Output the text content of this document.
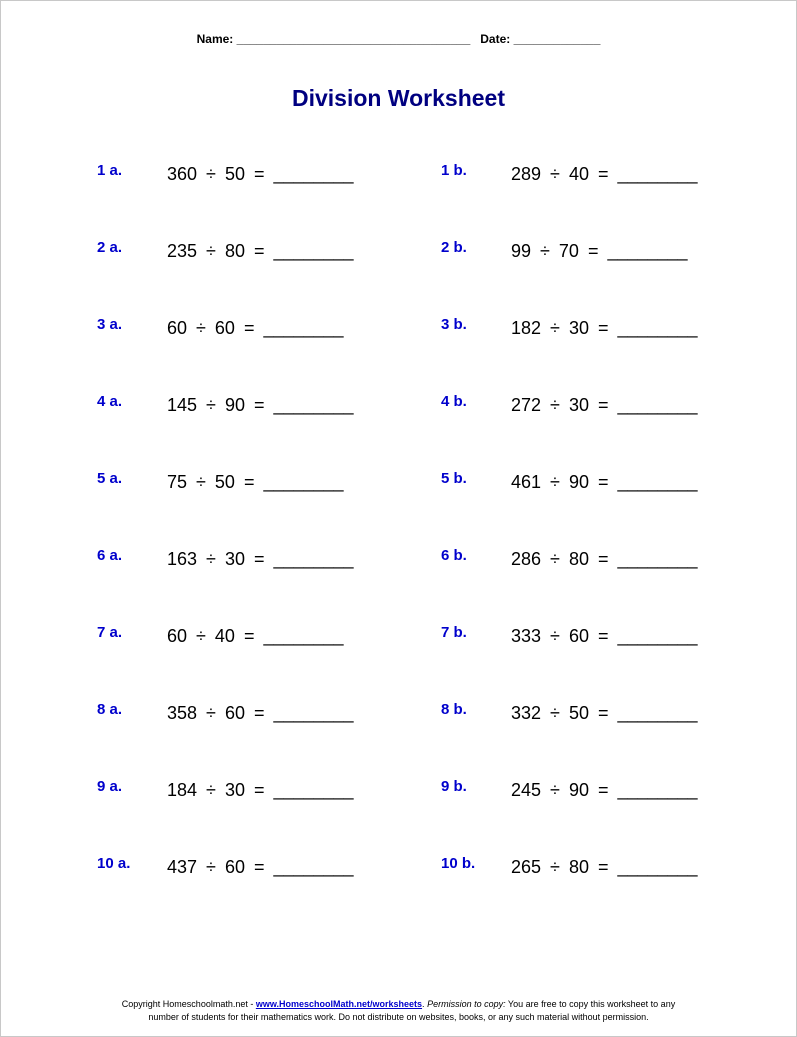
Name: ___________________________________ Date: _____________
Division Worksheet

1 a.

360 ÷ 50 = ________

2 a.

235 ÷ 80 = ________

3 a.

60 ÷ 60 = ________

4 a.

145 ÷ 90 = ________

5 a.

75 ÷ 50 = ________

6 a.

163 ÷ 30 = ________

7 a.

60 ÷ 40 = ________

8 a.

358 ÷ 60 = ________

9 a.

184 ÷ 30 = ________

10 a.

437 ÷ 60 = ________

1 b.

289 ÷ 40 = ________

2 b.

99 ÷ 70 = ________

3 b.

182 ÷ 30 = ________

4 b.

272 ÷ 30 = ________

5 b.

461 ÷ 90 = ________

6 b.

286 ÷ 80 = ________

7 b.

333 ÷ 60 = ________

8 b.

332 ÷ 50 = ________

9 b.

245 ÷ 90 = ________

10 b.

265 ÷ 80 = ________

Copyright Homeschoolmath.net - www.HomeschoolMath.net/worksheets. Permission to copy: You are free to copy this worksheet to any
number of students for their mathematics work. Do not distribute on websites, books, or any such material without permission.
